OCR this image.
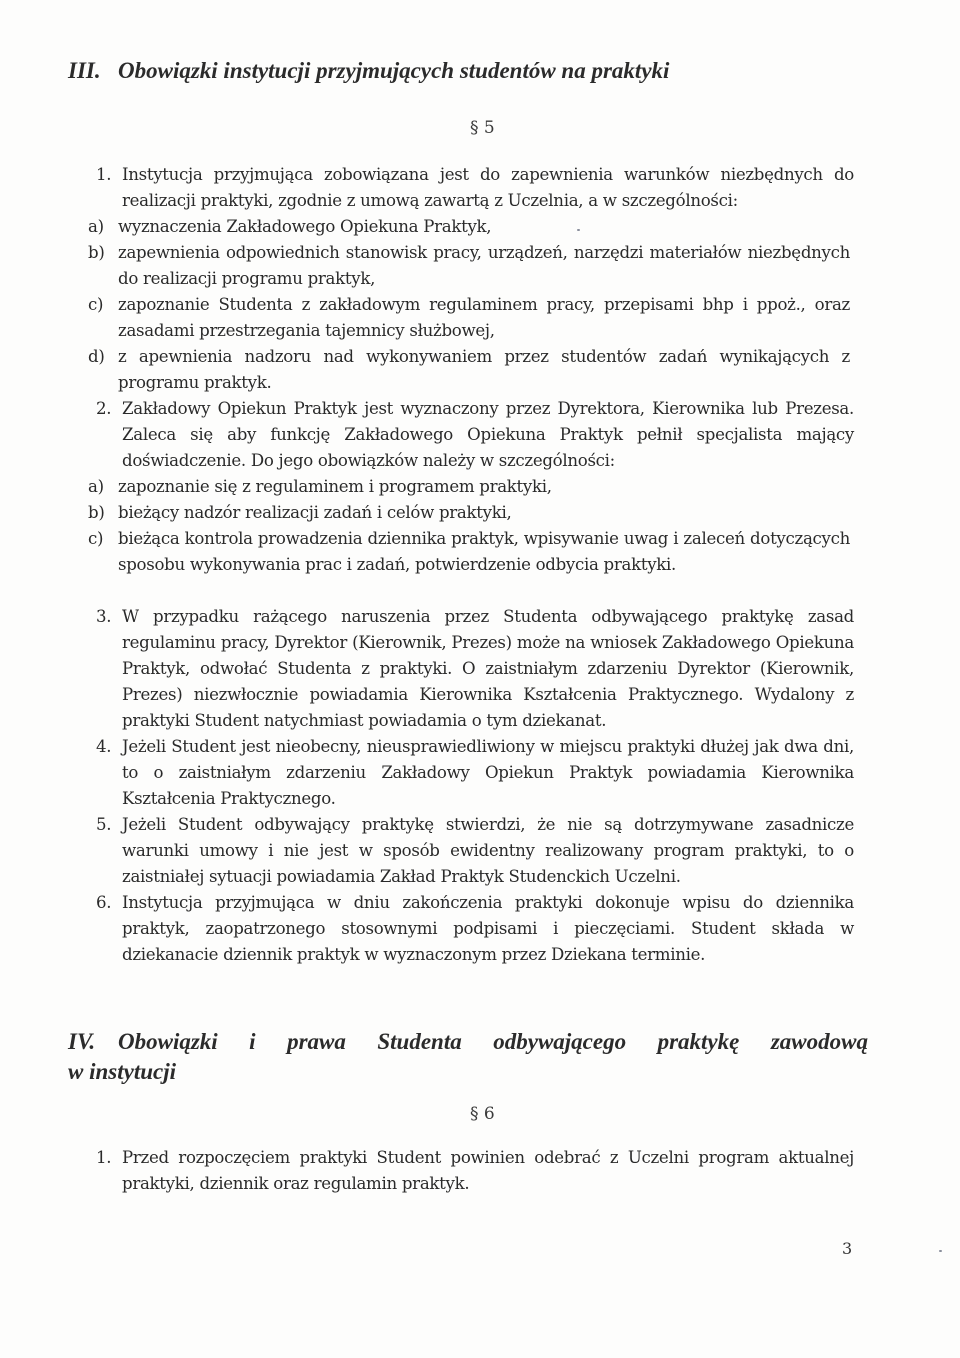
III. Obowiązki instytucji przyjmujących studentów na praktyki
§ 5
1. Instytucja przyjmująca zobowiązana jest do zapewnienia warunków niezbędnych do realizacji praktyki, zgodnie z umową zawartą z Uczelnia, a w szczególności:
a) wyznaczenia Zakładowego Opiekuna Praktyk,
b) zapewnienia odpowiednich stanowisk pracy, urządzeń, narzędzi materiałów niezbędnych do realizacji programu praktyk,
c) zapoznanie Studenta z zakładowym regulaminem pracy, przepisami bhp i ppoż., oraz zasadami przestrzegania tajemnicy służbowej,
d) z apewnienia nadzoru nad wykonywaniem przez studentów zadań wynikających z programu praktyk.
2. Zakładowy Opiekun Praktyk jest wyznaczony przez Dyrektora, Kierownika lub Prezesa. Zaleca się aby funkcję Zakładowego Opiekuna Praktyk pełnił specjalista mający doświadczenie. Do jego obowiązków należy w szczególności:
a) zapoznanie się z regulaminem i programem praktyki,
b) bieżący nadzór realizacji zadań i celów praktyki,
c) bieżąca kontrola prowadzenia dziennika praktyk, wpisywanie uwag i zaleceń dotyczących sposobu wykonywania prac i zadań, potwierdzenie odbycia praktyki.
3. W przypadku rażącego naruszenia przez Studenta odbywającego praktykę zasad regulaminu pracy, Dyrektor (Kierownik, Prezes) może na wniosek Zakładowego Opiekuna Praktyk, odwołać Studenta z praktyki. O zaistniałym zdarzeniu Dyrektor (Kierownik, Prezes) niezwłocznie powiadamia Kierownika Kształcenia Praktycznego. Wydalony z praktyki Student natychmiast powiadamia o tym dziekanat.
4. Jeżeli Student jest nieobecny, nieusprawiedliwiony w miejscu praktyki dłużej jak dwa dni, to o zaistniałym zdarzeniu Zakładowy Opiekun Praktyk powiadamia Kierownika Kształcenia Praktycznego.
5. Jeżeli Student odbywający praktykę stwierdzi, że nie są dotrzymywane zasadnicze warunki umowy i nie jest w sposób ewidentny realizowany program praktyki, to o zaistniałej sytuacji powiadamia Zakład Praktyk Studenckich Uczelni.
6. Instytucja przyjmująca w dniu zakończenia praktyki dokonuje wpisu do dziennika praktyk, zaopatrzonego stosownymi podpisami i pieczęciami. Student składa w dziekanacie dziennik praktyk w wyznaczonym przez Dziekana terminie.
IV. Obowiązki i prawa Studenta odbywającego praktykę zawodową
w instytucji
§ 6
1. Przed rozpoczęciem praktyki Student powinien odebrać z Uczelni program aktualnej praktyki, dziennik oraz regulamin praktyk.
3
